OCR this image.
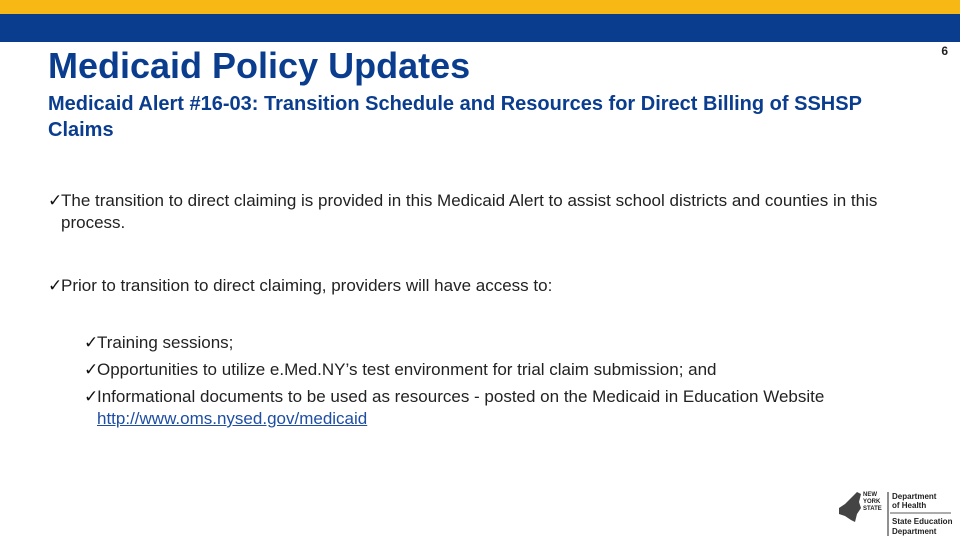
6
Medicaid Policy Updates
Medicaid Alert #16-03: Transition Schedule and Resources for Direct Billing of SSHSP Claims
✓
The transition to direct claiming is provided in this Medicaid Alert to assist school districts and counties in this process.
✓
Prior to transition to direct claiming, providers will have access to:
✓
Training sessions;
✓
Opportunities to utilize e.Med.NY’s test environment for trial claim submission; and
✓
Informational documents to be used as resources - posted on the Medicaid in Education Website http://www.oms.nysed.gov/medicaid
NEW
YORK
STATE
Department
of Health
State Education
Department
